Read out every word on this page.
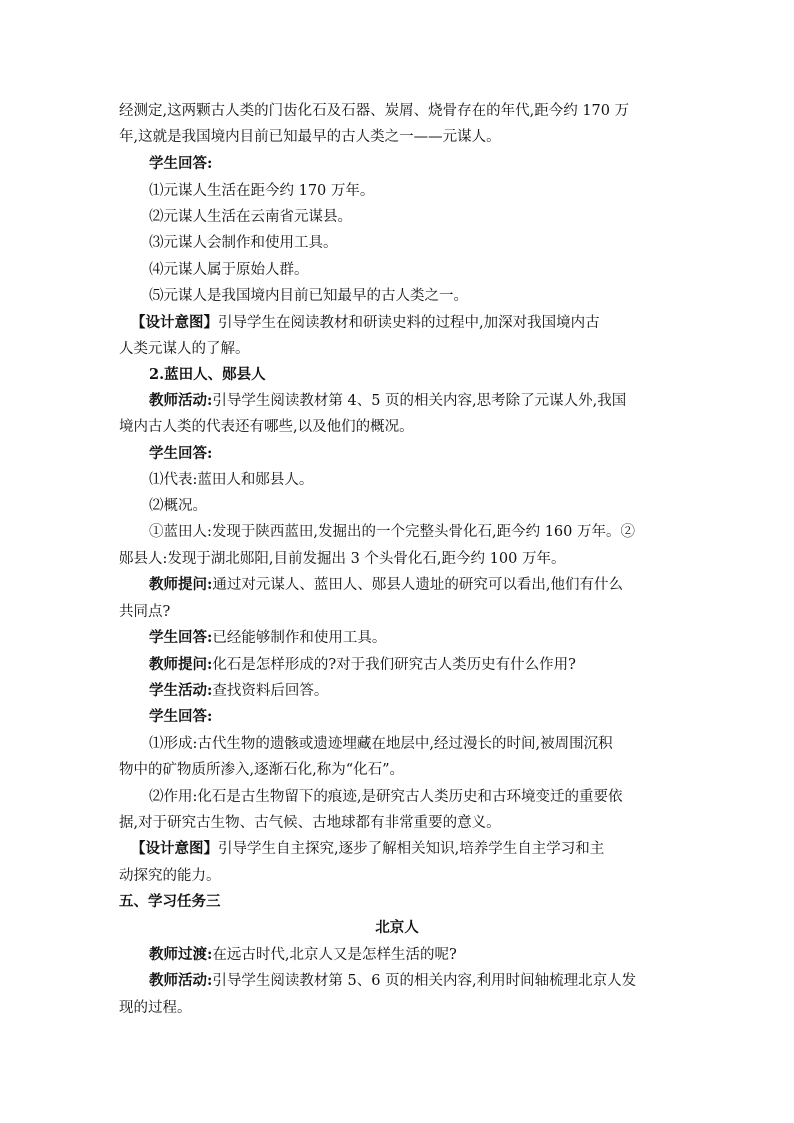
经测定,这两颗古人类的门齿化石及石器、炭屑、烧骨存在的年代,距今约 170 万
年,这就是我国境内目前已知最早的古人类之一——元谋人。
学生回答:
⑴元谋人生活在距今约 170 万年。
⑵元谋人生活在云南省元谋县。
⑶元谋人会制作和使用工具。
⑷元谋人属于原始人群。
⑸元谋人是我国境内目前已知最早的古人类之一。
【设计意图】引导学生在阅读教材和研读史料的过程中,加深对我国境内古
人类元谋人的了解。
2.蓝田人、郧县人
教师活动:引导学生阅读教材第 4、5 页的相关内容,思考除了元谋人外,我国
境内古人类的代表还有哪些,以及他们的概况。
学生回答:
⑴代表:蓝田人和郧县人。
⑵概况。
①蓝田人:发现于陕西蓝田,发掘出的一个完整头骨化石,距今约 160 万年。②
郧县人:发现于湖北郧阳,目前发掘出 3 个头骨化石,距今约 100 万年。
教师提问:通过对元谋人、蓝田人、郧县人遗址的研究可以看出,他们有什么
共同点?
学生回答:已经能够制作和使用工具。
教师提问:化石是怎样形成的?对于我们研究古人类历史有什么作用?
学生活动:查找资料后回答。
学生回答:
⑴形成:古代生物的遗骸或遗迹埋藏在地层中,经过漫长的时间,被周围沉积
物中的矿物质所渗入,逐渐石化,称为“化石”。
⑵作用:化石是古生物留下的痕迹,是研究古人类历史和古环境变迁的重要依
据,对于研究古生物、古气候、古地球都有非常重要的意义。
【设计意图】引导学生自主探究,逐步了解相关知识,培养学生自主学习和主
动探究的能力。
五、学习任务三
北京人
教师过渡:在远古时代,北京人又是怎样生活的呢?
教师活动:引导学生阅读教材第 5、6 页的相关内容,利用时间轴梳理北京人发
现的过程。
